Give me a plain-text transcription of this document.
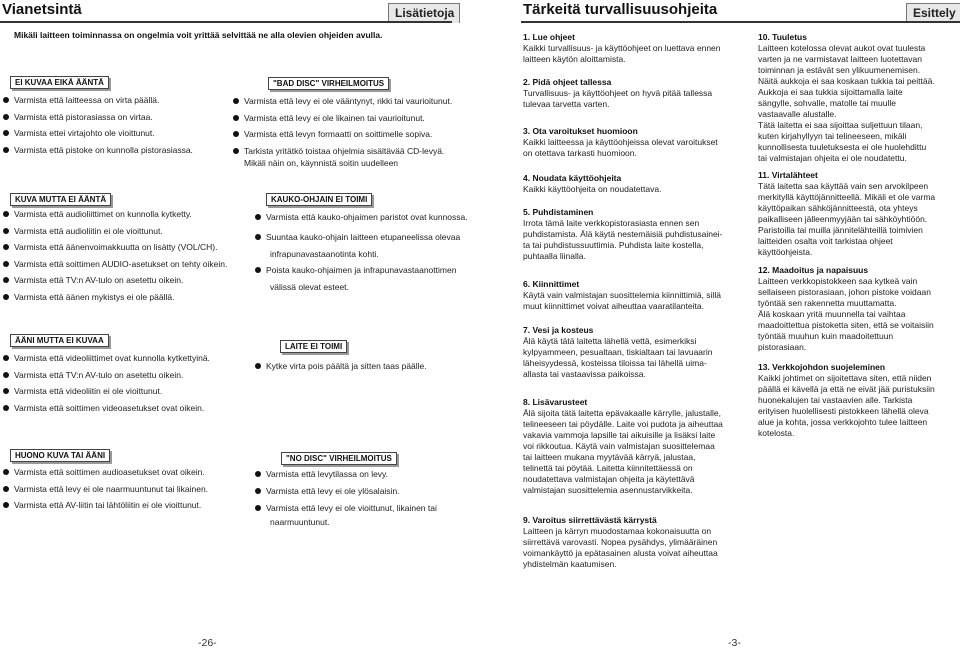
Vianetsintä	Lisätietoja
Mikäli laitteen toiminnassa on ongelmia voit yrittää selvittää ne alla olevien ohjeiden avulla.
EI KUVAA EIKÄ ÄÄNTÄ
Varmista että laitteessa on virta päällä.
Varmista että pistorasiassa on virtaa.
Varmista ettei virtajohto ole vioittunut.
Varmista että pistoke on kunnolla pistorasiassa.
KUVA MUTTA EI ÄÄNTÄ
Varmista että audioliittimet on kunnolla kytketty.
Varmista että audioliitin ei ole vioittunut.
Varmista että äänenvoimakkuutta on lisätty (VOL/CH).
Varmista että soittimen AUDIO-asetukset on tehty oikein.
Varmista että TV:n AV-tulo on asetettu oikein.
Varmista että äänen mykistys ei ole päällä.
ÄÄNI MUTTA EI KUVAA
Varmista että videoliittimet ovat kunnolla kytkettyinä.
Varmista että TV:n AV-tulo on asetettu oikein.
Varmista että videoliitin ei ole vioittunut.
Varmista että soittimen videoasetukset ovat oikein.
HUONO KUVA TAI ÄÄNI
Varmista että soittimen audioasetukset ovat oikein.
Varmista että levy ei ole naarmuuntunut tai likainen.
Varmista että AV-liitin tai lähtöliitin ei ole vioittunut.
"BAD DISC" VIRHEILMOITUS
Varmista että levy ei ole vääntynyt, rikki tai vaurioitunut.
Varmista että levy ei ole likainen tai vaurioitunut.
Varmista että levyn formaatti on soittimelle sopiva.
Tarkista yritätkö toistaa ohjelmia sisältävää CD-levyä.
Mikäli näin on, käynnistä soitin uudelleen
KAUKO-OHJAIN EI TOIMI
Varmista että kauko-ohjaimen paristot ovat kunnossa.
Suuntaa kauko-ohjain laitteen etupaneelissa olevaa
Poista kauko-ohjaimen ja infrapunavastaanottimen
infrapunavastaanotinta kohti.
välissä olevat esteet.
LAITE EI TOIMI
Kytke virta pois päältä ja sitten taas päälle.
"NO DISC" VIRHEILMOITUS
Varmista että levytilassa on levy.
Varmista että levy ei ole ylösalaisin.
Varmista että levy ei ole vioittunut, likainen tai
naarmuuntunut.
-26-
Tärkeitä turvallisuusohjeita	Esittely
1. Lue ohjeet
Kaikki turvallisuus- ja käyttöohjeet on luettava ennen
laitteen käytön aloittamista.
2. Pidä ohjeet tallessa
Turvallisuus- ja käyttöohjeet on hyvä pitää tallessa
tulevaa tarvetta varten.
3. Ota varoitukset huomioon
Kaikki laitteessa ja käyttöohjeissa olevat varoitukset
on otettava tarkasti huomioon.
4. Noudata käyttöohjeita
Kaikki käyttöohjeita on noudatettava.
5. Puhdistaminen
Irrota tämä laite verkkopistorasiasta ennen sen
puhdistamista. Älä käytä nestemäisiä puhdistusainei-
ta tai puhdistussuuttimia. Puhdista laite kostella,
puhtaalla liinalla.
6. Kiinnittimet
Käytä vain valmistajan suosittelemia kiinnittimiä, sillä
muut kiinnittimet voivat aiheuttaa vaaratilanteita.
7. Vesi ja kosteus
Älä käytä tätä laitetta lähellä vettä, esimerkiksi
kylpyammeen, pesualtaan, tiskialtaan tai lavuaarin
läheisyydessä, kosteissa tiloissa tai lähellä uima-
allasta tai vastaavissa paikoissa.
8. Lisävarusteet
Älä sijoita tätä laitetta epävakaalle kärrylle, jalustalle,
telineeseen tai pöydälle. Laite voi pudota ja aiheuttaa
vakavia vammoja lapsille tai aikuisille ja lisäksi laite
voi rikkoutua. Käytä vain valmistajan suosittelemaa
tai laitteen mukana myytävää kärryä, jalustaa,
telinettä tai pöytää. Laitetta kiinnitettäessä on
noudatettava valmistajan ohjeita ja käytettävä
valmistajan suosittelemia asennustarvikkeita.
9. Varoitus siirrettävästä kärrystä
Laitteen ja kärryn muodostamaa kokonaisuutta on
siirrettävä varovasti. Nopea pysähdys, ylimääräinen
voimankäyttö ja epätasainen alusta voivat aiheuttaa
yhdistelmän kaatumisen.
10. Tuuletus
Laitteen kotelossa olevat aukot ovat tuulesta
varten ja ne varmistavat laitteen luotettavan
toiminnan ja estävät sen ylikuumenemisen.
Näitä aukkoja ei saa koskaan tukkia tai peittää.
Aukkoja ei saa tukkia sijoittamalla laite
sängylle, sohvalle, matolle tai muulle
vastaavalle alustalle.
Tätä laitetta ei saa sijoittaa suljettuun tilaan,
kuten kirjahyllyyn tai telineeseen, mikäli
kunnollisesta tuuletuksesta ei ole huolehdittu
tai valmistajan ohjeita ei ole noudatettu.
11. Virtalähteet
Tätä laitetta saa käyttää vain sen arvokilpeen
merkityllä käyttöjännitteellä. Mikäli et ole varma
käyttöpaikan sähköjännitteestä, ota yhteys
paikalliseen jälleenmyyjään tai sähköyhtiöön.
Paristoilla tai muilla jännitelähteillä toimivien
laitteiden osalta voit tarkistaa ohjeet
käyttöohjeista.
12. Maadoitus ja napaisuus
Laitteen verkkopistokkeen saa kytkeä vain
sellaiseen pistorasiaan, johon pistoke voidaan
työntää sen rakennetta muuttamatta.
Älä koskaan yritä muunnella tai vaihtaa
maadoittettua pistoketta siten, että se voitaisiin
työntää muuhun kuin maadoitettuun
pistorasiaan.
13. Verkkojohdon suojeleminen
Kaikki johtimet on sijoitettava siten, että niiden
päällä ei kävellä ja että ne eivät jää puristuksiin
huonekalujen tai vastaavien alle. Tarkista
erityisen huolellisesti pistokkeen lähellä oleva
alue ja kohta, jossa verkkojohto tulee laitteen
kotelosta.
-3-
